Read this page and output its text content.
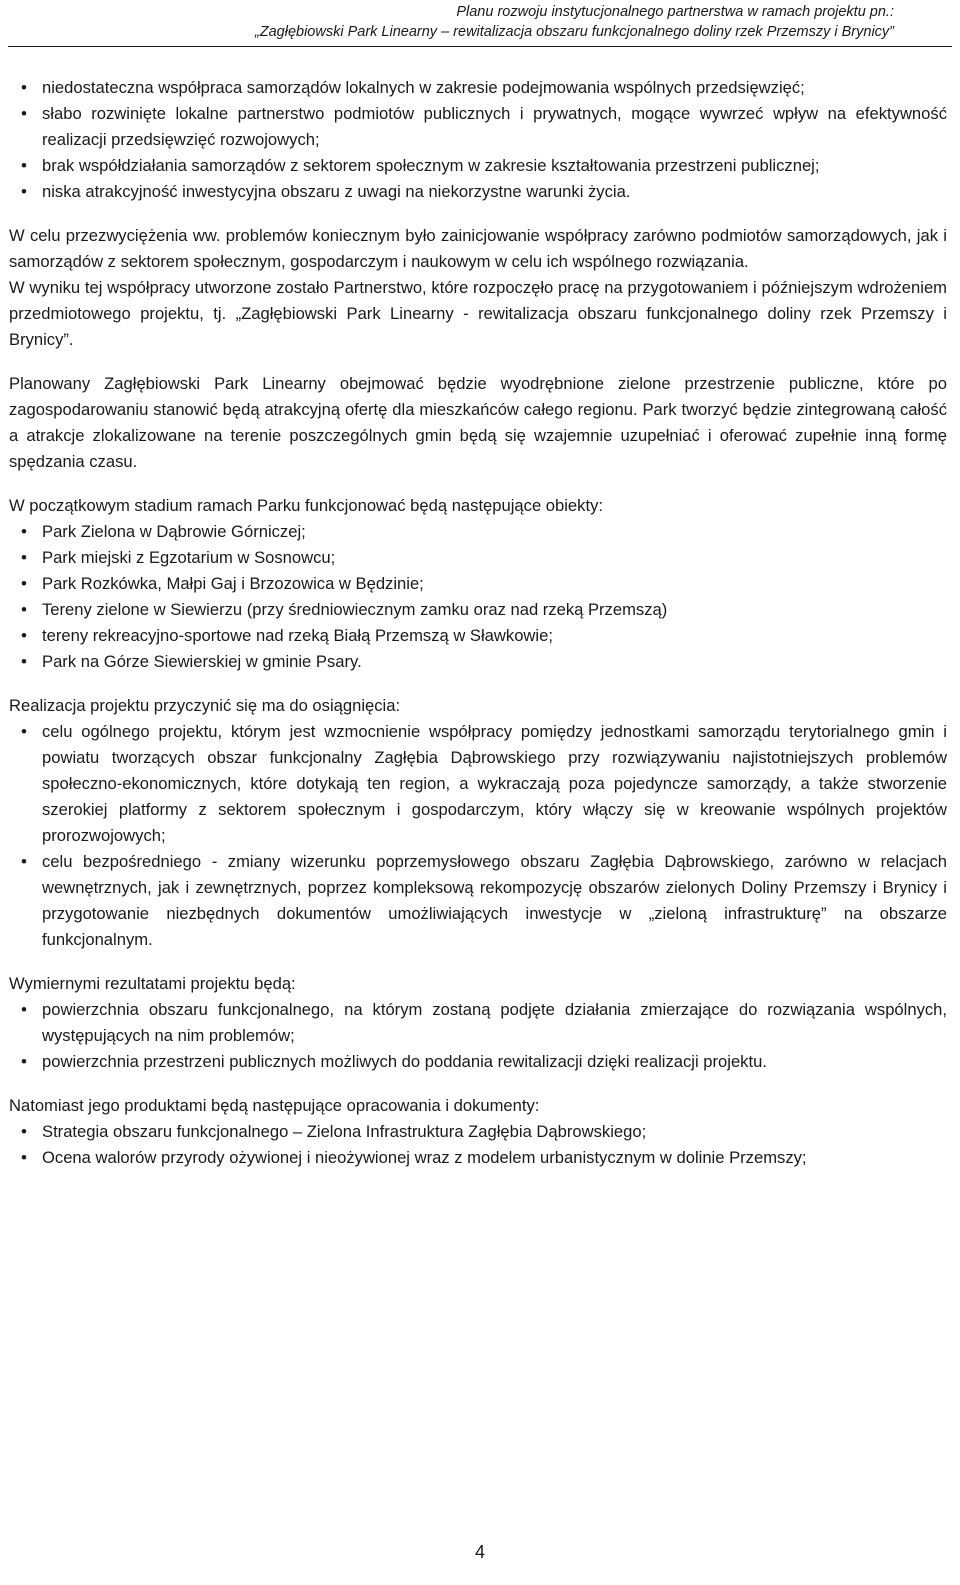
Planu rozwoju instytucjonalnego partnerstwa w ramach projektu pn.:
„Zagłębiowski Park Linearny – rewitalizacja obszaru funkcjonalnego doliny rzek Przemszy i Brynicy”
• niedostateczna współpraca samorządów lokalnych w zakresie podejmowania wspólnych przedsięwzięć;
• słabo rozwinięte lokalne partnerstwo podmiotów publicznych i prywatnych, mogące wywrzeć wpływ na efektywność realizacji przedsięwzięć rozwojowych;
• brak współdziałania samorządów z sektorem społecznym w zakresie kształtowania przestrzeni publicznej;
• niska atrakcyjność inwestycyjna obszaru z uwagi na niekorzystne warunki życia.

W celu przezwyciężenia ww. problemów koniecznym było zainicjowanie współpracy zarówno podmiotów samorządowych, jak i samorządów z sektorem społecznym, gospodarczym i naukowym w celu ich wspólnego rozwiązania.

W wyniku tej współpracy utworzone zostało Partnerstwo, które rozpoczęło pracę na przygotowaniem i późniejszym wdrożeniem przedmiotowego projektu, tj. „Zagłębiowski Park Linearny - rewitalizacja obszaru funkcjonalnego doliny rzek Przemszy i Brynicy”.

Planowany Zagłębiowski Park Linearny obejmować będzie wyodrębnione zielone przestrzenie publiczne, które po zagospodarowaniu stanowić będą atrakcyjną ofertę dla mieszkańców całego regionu. Park tworzyć będzie zintegrowaną całość a atrakcje zlokalizowane na terenie poszczególnych gmin będą się wzajemnie uzupełniać i oferować zupełnie inną formę spędzania czasu.

W początkowym stadium ramach Parku funkcjonować będą następujące obiekty:

• Park Zielona w Dąbrowie Górniczej;
• Park miejski z Egzotarium w Sosnowcu;
• Park Rozkówka, Małpi Gaj i Brzozowica w Będzinie;
• Tereny zielone w Siewierzu (przy średniowiecznym zamku oraz nad rzeką Przemszą)
• tereny rekreacyjno-sportowe nad rzeką Białą Przemszą w Sławkowie;
• Park na Górze Siewierskiej w gminie Psary.

Realizacja projektu przyczynić się ma do osiągnięcia:

• celu ogólnego projektu, którym jest wzmocnienie współpracy pomiędzy jednostkami samorządu terytorialnego gmin i powiatu tworzących obszar funkcjonalny Zagłębia Dąbrowskiego przy rozwiązywaniu najistotniejszych problemów społeczno-ekonomicznych, które dotykają ten region, a wykraczają poza pojedyncze samorządy, a także stworzenie szerokiej platformy z sektorem społecznym i gospodarczym, który włączy się w kreowanie wspólnych projektów prorozwojowych;
• celu bezpośredniego - zmiany wizerunku poprzemysłowego obszaru Zagłębia Dąbrowskiego, zarówno w relacjach wewnętrznych, jak i zewnętrznych, poprzez kompleksową rekompozycję obszarów zielonych Doliny Przemszy i Brynicy i przygotowanie niezbędnych dokumentów umożliwiających inwestycje w „zieloną infrastrukturę” na obszarze funkcjonalnym.

Wymiernymi rezultatami projektu będą:

• powierzchnia obszaru funkcjonalnego, na którym zostaną podjęte działania zmierzające do rozwiązania wspólnych, występujących na nim problemów;
• powierzchnia przestrzeni publicznych możliwych do poddania rewitalizacji dzięki realizacji projektu.

Natomiast jego produktami będą następujące opracowania i dokumenty:

• Strategia obszaru funkcjonalnego – Zielona Infrastruktura Zagłębia Dąbrowskiego;
• Ocena walorów przyrody ożywionej i nieożywionej wraz z modelem urbanistycznym w dolinie Przemszy;
4
